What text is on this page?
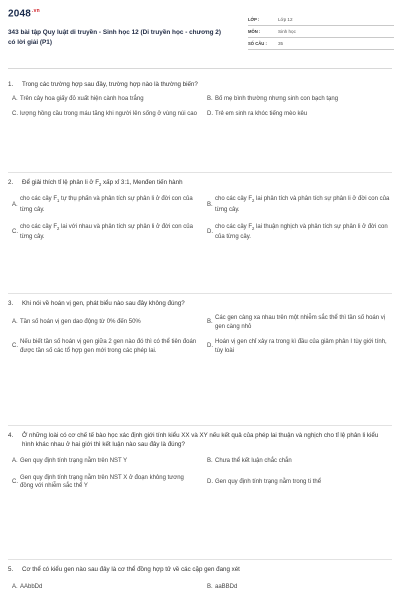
$2048^{.vn}$
343 bài tập Quy luật di truyền - Sinh học 12 (Di truyền học - chương 2) có lời giải (P1)
LỚP :	Lớp 12
MÔN :	Sinh học
SỐ CÂU :	35
1.	Trong các trường hợp sau đây, trường hợp nào là thường biến?
A. Trên cây hoa giấy đỏ xuất hiện cành hoa trắng	B. Bố mẹ bình thường nhưng sinh con bạch tạng
C. lượng hồng cầu trong máu tăng khi người lên sống ở vùng núi cao	D. Trẻ em sinh ra khóc tiếng mèo kêu
2.	Để giải thích tỉ lệ phân li ở $F_2$ xấp xỉ 3:1, Menđen tiến hành
A.
cho các cây $F_1$ tự thụ phấn và phân tích sự phân li ở đời con của từng cây.
B.
cho các cây $F_2$ lai phân tích và phân tích sự phân li ở đời con của từng cây.
C.
cho các cây $F_2$ lai với nhau và phân tích sự phân li ở đời con của từng cây.
D.
cho các cây $F_2$ lai thuận nghịch và phân tích sự phân li ở đời con của từng cây.
3.	Khi nói về hoán vị gen, phát biểu nào sau đây không đúng?
A. Tần số hoán vị gen dao động từ 0% đến 50%	B.
Các gen càng xa nhau trên một nhiễm sắc thể thì tần số hoán vị gen càng nhỏ
C.
Nếu biết tần số hoán vị gen giữa 2 gen nào đó thì có thể tiên đoán được tần số các tổ hợp gen mới trong các phép lai.
D.
Hoán vị gen chỉ xảy ra trong kì đầu của giảm phân I tùy giới tính, tùy loài
4.	Ở những loài có cơ chế tế bào học xác định giới tính kiểu XX và XY nếu kết quả của phép lai thuận và nghịch cho tỉ lệ phân li kiểu hình khác nhau ở hai giới thì kết luận nào sau đây là đúng?
A. Gen quy định tính trạng nằm trên NST Y	B. Chưa thể kết luận chắc chắn
C.
Gen quy định tính trạng nằm trên NST X ở đoạn không tương đồng với nhiễm sắc thể Y
D. Gen quy định tính trạng nằm trong ti thể
5.	Cơ thể có kiểu gen nào sau đây là cơ thể đồng hợp tử về các cặp gen đang xét
A. AAbbDd	B. aaBBDd
